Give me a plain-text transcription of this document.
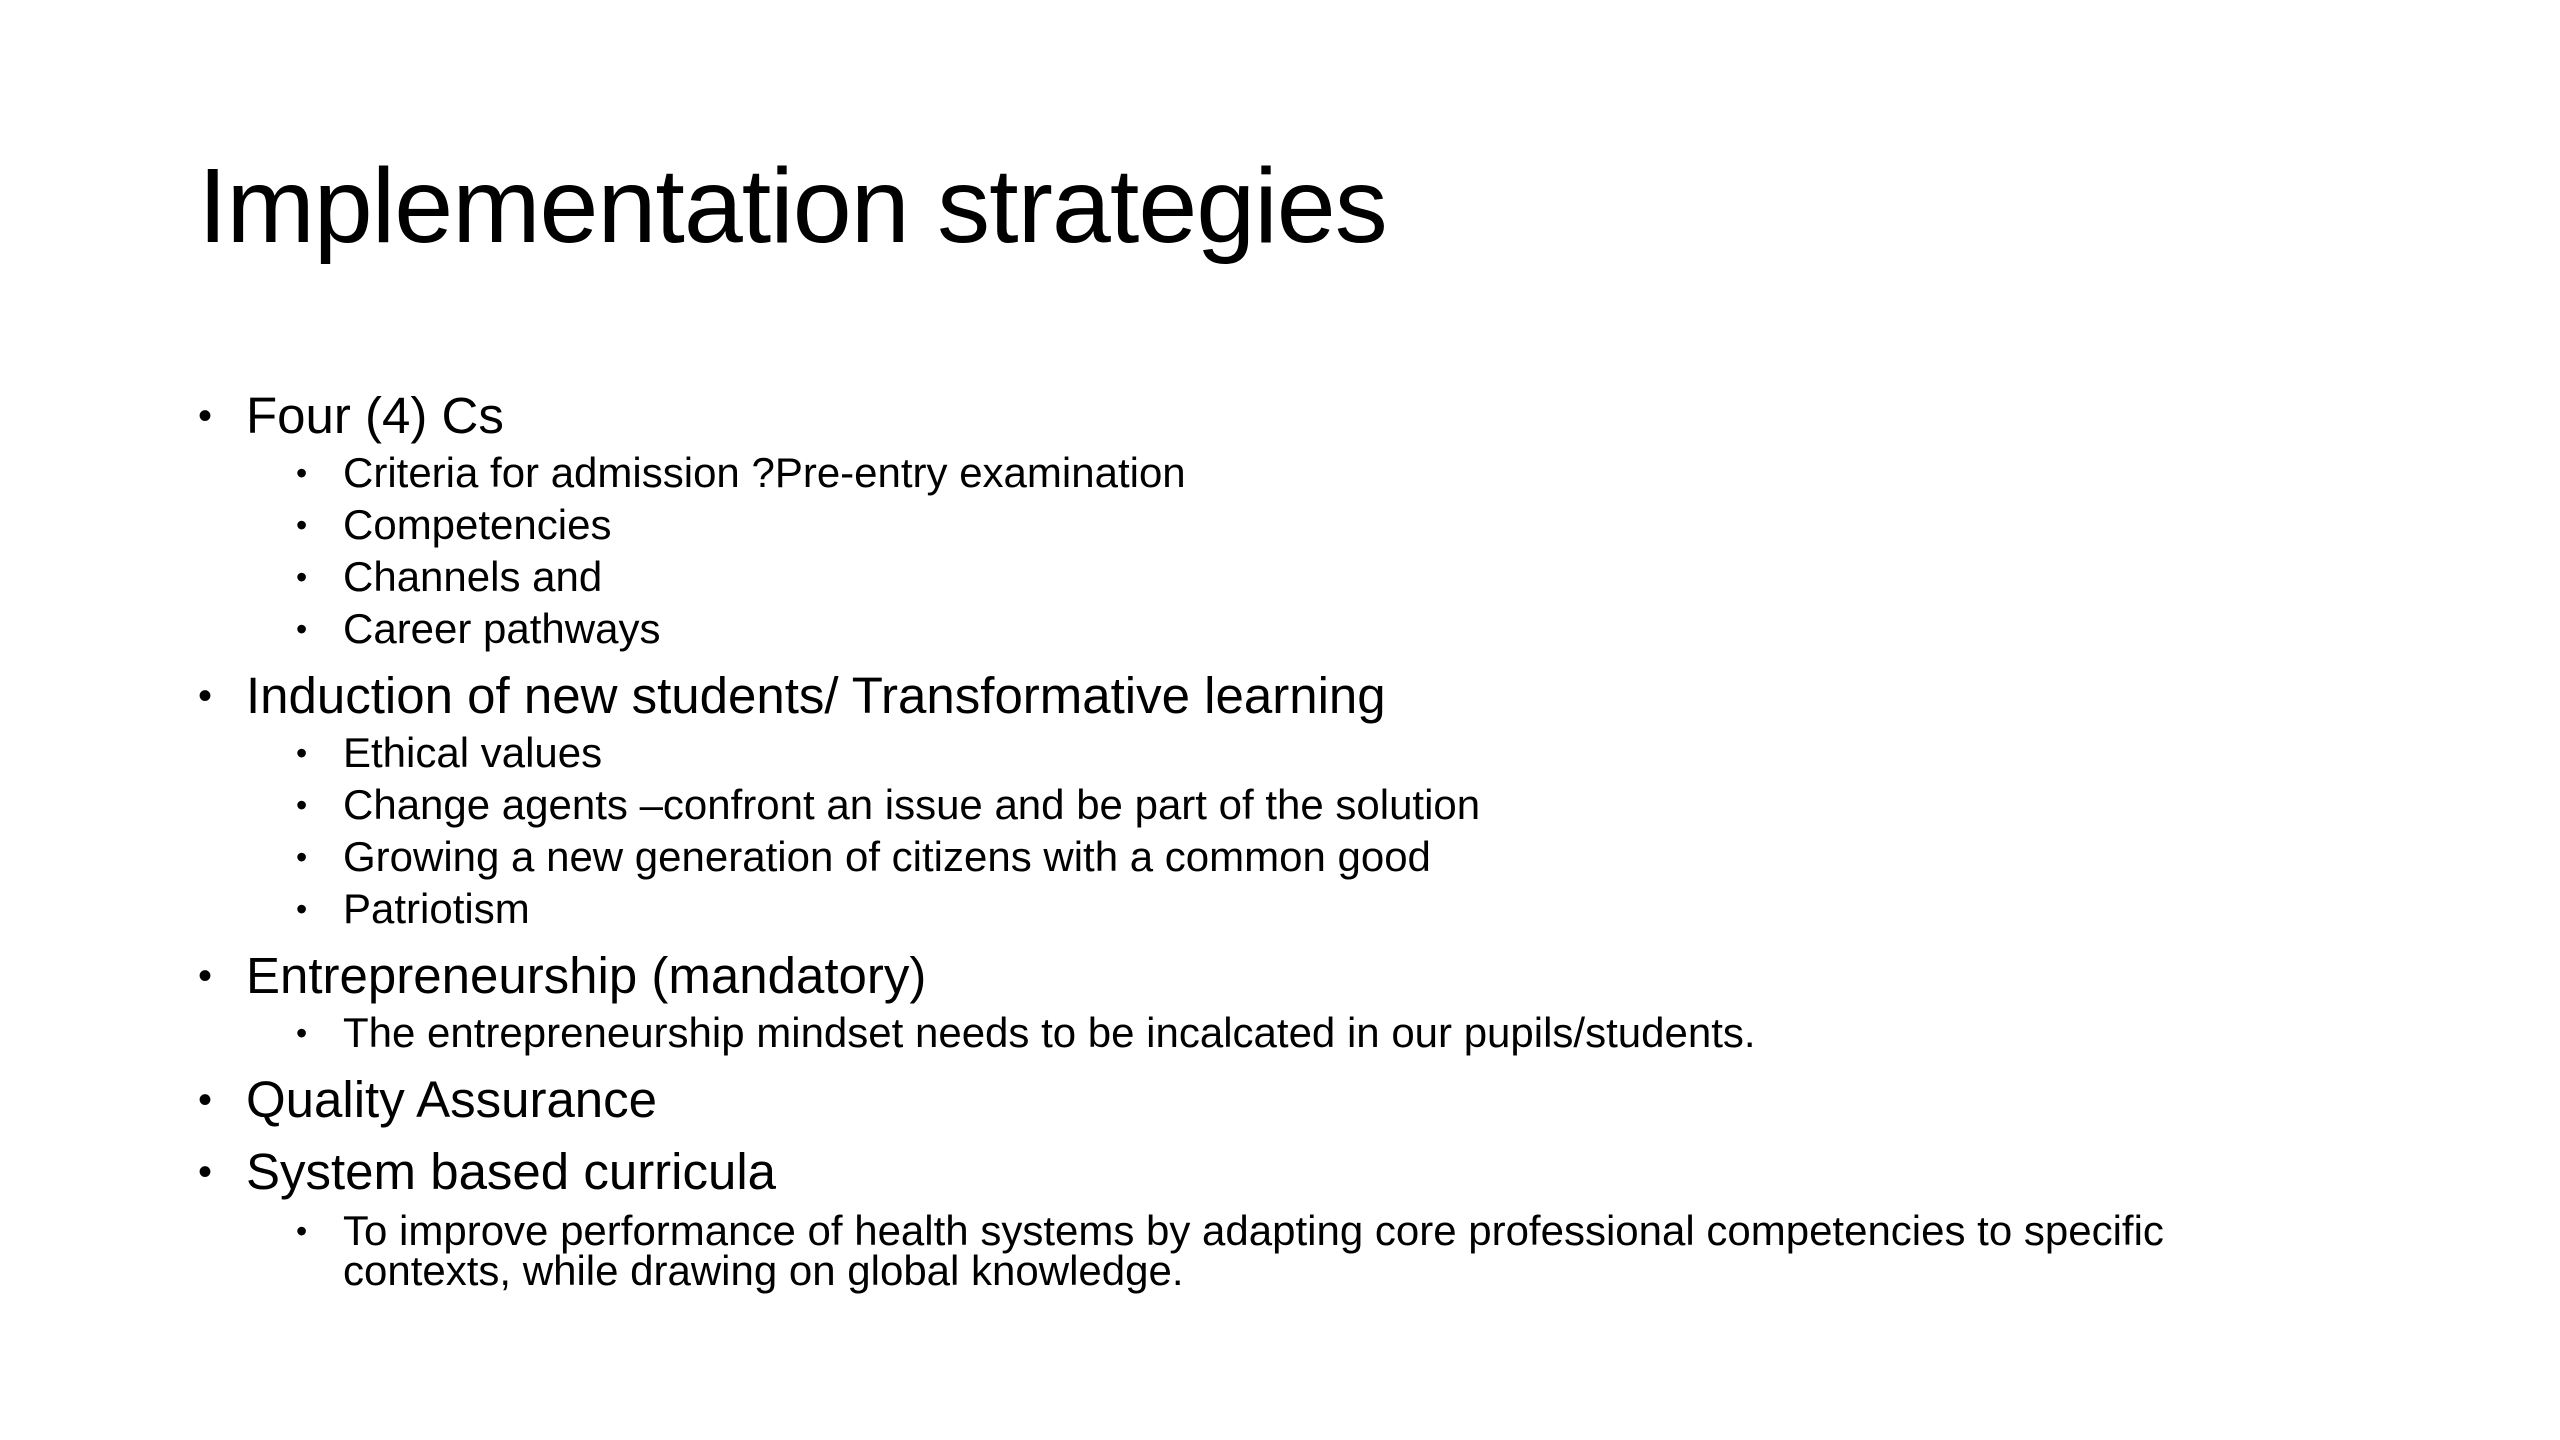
Implementation strategies
• Four (4) Cs
• Criteria for admission ?Pre-entry examination
• Competencies
• Channels and
• Career pathways
• Induction of new students/ Transformative learning
• Ethical values
• Change agents –confront an issue and be part of the solution
• Growing a new generation of citizens with a common good
• Patriotism
• Entrepreneurship (mandatory)
• The entrepreneurship mindset needs to be incalcated in our pupils/students.
• Quality Assurance
• System based curricula
• To improve performance of health systems by adapting core professional competencies to specific contexts, while drawing on global knowledge.
